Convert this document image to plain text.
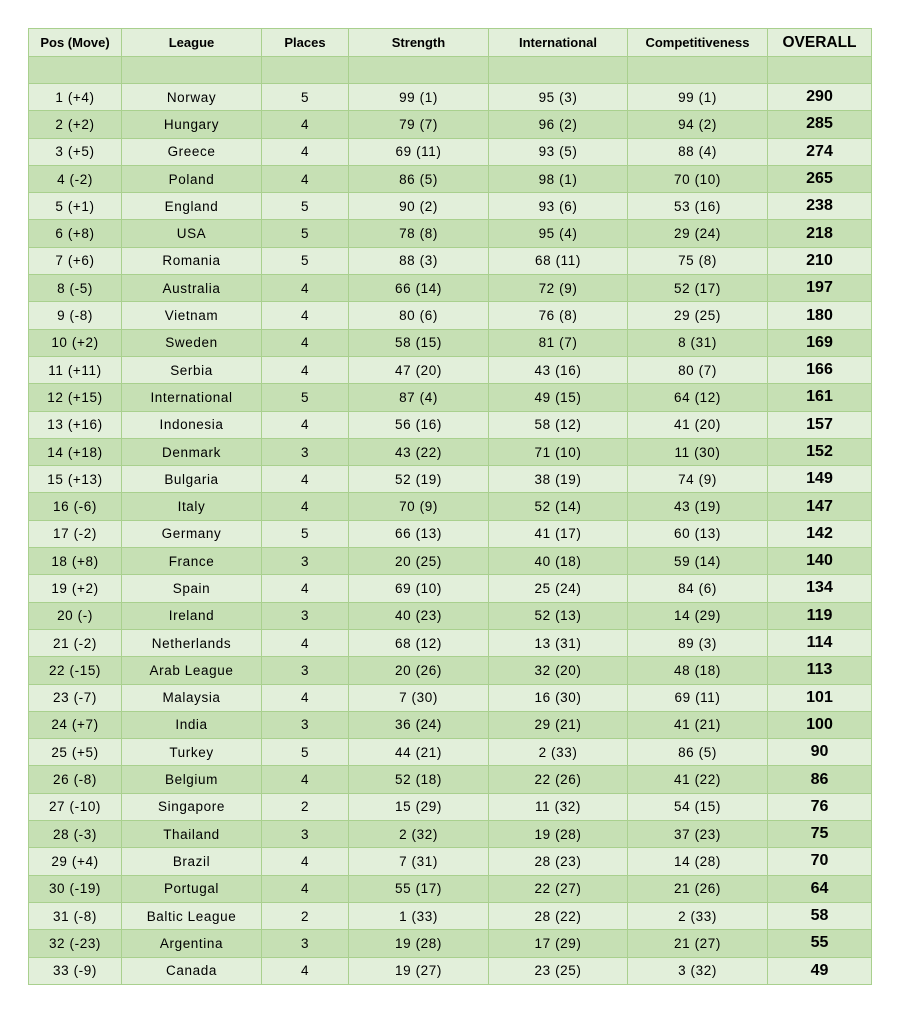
Pos (Move)	League	Places	Strength	International	Competitiveness	OVERALL

1 (+4)	Norway	5	99 (1)	95 (3)	99 (1)	290
2 (+2)	Hungary	4	79 (7)	96 (2)	94 (2)	285
3 (+5)	Greece	4	69 (11)	93 (5)	88 (4)	274
4 (-2)	Poland	4	86 (5)	98 (1)	70 (10)	265
5 (+1)	England	5	90 (2)	93 (6)	53 (16)	238
6 (+8)	USA	5	78 (8)	95 (4)	29 (24)	218
7 (+6)	Romania	5	88 (3)	68 (11)	75 (8)	210
8 (-5)	Australia	4	66 (14)	72 (9)	52 (17)	197
9 (-8)	Vietnam	4	80 (6)	76 (8)	29 (25)	180
10 (+2)	Sweden	4	58 (15)	81 (7)	8 (31)	169
11 (+11)	Serbia	4	47 (20)	43 (16)	80 (7)	166
12 (+15)	International	5	87 (4)	49 (15)	64 (12)	161
13 (+16)	Indonesia	4	56 (16)	58 (12)	41 (20)	157
14 (+18)	Denmark	3	43 (22)	71 (10)	11 (30)	152
15 (+13)	Bulgaria	4	52 (19)	38 (19)	74 (9)	149
16 (-6)	Italy	4	70 (9)	52 (14)	43 (19)	147
17 (-2)	Germany	5	66 (13)	41 (17)	60 (13)	142
18 (+8)	France	3	20 (25)	40 (18)	59 (14)	140
19 (+2)	Spain	4	69 (10)	25 (24)	84 (6)	134
20 (-)	Ireland	3	40 (23)	52 (13)	14 (29)	119
21 (-2)	Netherlands	4	68 (12)	13 (31)	89 (3)	114
22 (-15)	Arab League	3	20 (26)	32 (20)	48 (18)	113
23 (-7)	Malaysia	4	7 (30)	16 (30)	69 (11)	101
24 (+7)	India	3	36 (24)	29 (21)	41 (21)	100
25 (+5)	Turkey	5	44 (21)	2 (33)	86 (5)	90
26 (-8)	Belgium	4	52 (18)	22 (26)	41 (22)	86
27 (-10)	Singapore	2	15 (29)	11 (32)	54 (15)	76
28 (-3)	Thailand	3	2 (32)	19 (28)	37 (23)	75
29 (+4)	Brazil	4	7 (31)	28 (23)	14 (28)	70
30 (-19)	Portugal	4	55 (17)	22 (27)	21 (26)	64
31 (-8)	Baltic League	2	1 (33)	28 (22)	2 (33)	58
32 (-23)	Argentina	3	19 (28)	17 (29)	21 (27)	55
33 (-9)	Canada	4	19 (27)	23 (25)	3 (32)	49
